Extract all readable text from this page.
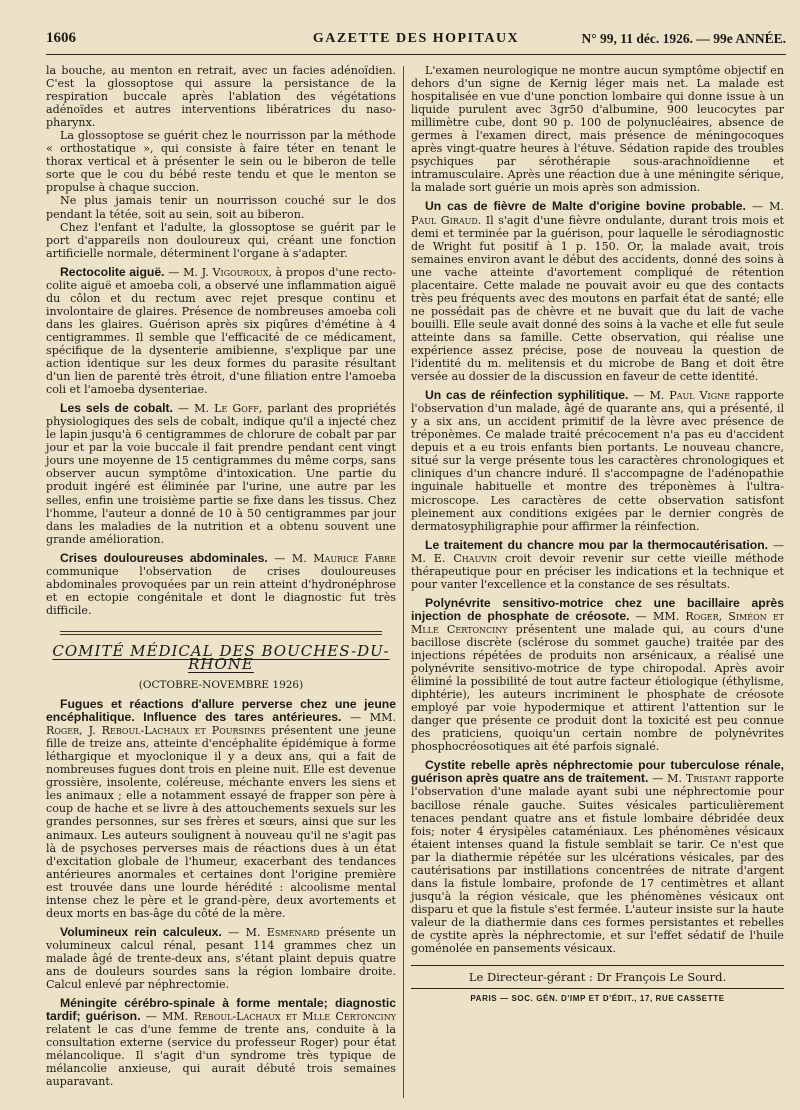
1606	GAZETTE DES HOPITAUX	N° 99, 11 déc. 1926. — 99e ANNÉE.

la bouche, au menton en retrait, avec un facies adénoïdien. C'est la glossoptose qui assure la persistance de la respiration buccale après l'ablation des végétations adénoïdes et autres interventions libératrices du naso-pharynx.

La glossoptose se guérit chez le nourrisson par la méthode « orthostatique », qui consiste à faire téter en tenant le thorax vertical et à présenter le sein ou le biberon de telle sorte que le cou du bébé reste tendu et que le menton se propulse à chaque succion.

Ne plus jamais tenir un nourrisson couché sur le dos pendant la tétée, soit au sein, soit au biberon.

Chez l'enfant et l'adulte, la glossoptose se guérit par le port d'appareils non douloureux qui, créant une fonction artificielle normale, déterminent l'organe à s'adapter.

Rectocolite aiguë. — M. J. Vigouroux, à propos d'une recto-colite aiguë et amoeba coli, a observé une inflammation aiguë du côlon et du rectum avec rejet presque continu et involontaire de glaires. Présence de nombreuses amoeba coli dans les glaires. Guérison après six piqûres d'émétine à 4 centigrammes. Il semble que l'efficacité de ce médicament, spécifique de la dysenterie amibienne, s'explique par une action identique sur les deux formes du parasite résultant d'un lien de parenté très étroit, d'une filiation entre l'amoeba coli et l'amoeba dysenteriae.

Les sels de cobalt. — M. Le Goff, parlant des propriétés physiologiques des sels de cobalt, indique qu'il a injecté chez le lapin jusqu'à 6 centigrammes de chlorure de cobalt par par jour et par la voie buccale il fait prendre pendant cent vingt jours une moyenne de 15 centigrammes du même corps, sans observer aucun symptôme d'intoxication. Une partie du produit ingéré est éliminée par l'urine, une autre par les selles, enfin une troisième partie se fixe dans les tissus. Chez l'homme, l'auteur a donné de 10 à 50 centigrammes par jour dans les maladies de la nutrition et a obtenu souvent une grande amélioration.

Crises douloureuses abdominales. — M. Maurice Fabre communique l'observation de crises douloureuses abdominales provoquées par un rein atteint d'hydronéphrose et en ectopie congénitale et dont le diagnostic fut très difficile.

COMITÉ MÉDICAL DES BOUCHES-DU-RHONE
(OCTOBRE-NOVEMBRE 1926)

Fugues et réactions d'allure perverse chez une jeune encéphalitique. Influence des tares antérieures. — MM. Roger, J. Reboul-Lachaux et Poursines présentent une jeune fille de treize ans, atteinte d'encéphalite épidémique à forme léthargique et myoclonique il y a deux ans, qui a fait de nombreuses fugues dont trois en pleine nuit. Elle est devenue grossière, insolente, coléreuse, méchante envers les siens et les animaux ; elle a notamment essayé de frapper son père à coup de hache et se livre à des attouchements sexuels sur les grandes personnes, sur ses frères et sœurs, ainsi que sur les animaux. Les auteurs soulignent à nouveau qu'il ne s'agit pas là de psychoses perverses mais de réactions dues à un état d'excitation globale de l'humeur, exacerbant des tendances antérieures anormales et certaines dont l'origine première est trouvée dans une lourde hérédité : alcoolisme mental intense chez le père et le grand-père, deux avortements et deux morts en bas-âge du côté de la mère.

Volumineux rein calculeux. — M. Esmenard présente un volumineux calcul rénal, pesant 114 grammes chez un malade âgé de trente-deux ans, s'étant plaint depuis quatre ans de douleurs sourdes sans la région lombaire droite. Calcul enlevé par néphrectomie.

Méningite cérébro-spinale à forme mentale; diagnostic tardif; guérison. — MM. Reboul-Lachaux et Mlle Certonciny relatent le cas d'une femme de trente ans, conduite à la consultation externe (service du professeur Roger) pour état mélancolique. Il s'agit d'un syndrome très typique de mélancolie anxieuse, qui aurait débuté trois semaines auparavant.

L'examen neurologique ne montre aucun symptôme objectif en dehors d'un signe de Kernig léger mais net. La malade est hospitalisée en vue d'une ponction lombaire qui donne issue à un liquide purulent avec 3gr50 d'albumine, 900 leucocytes par millimètre cube, dont 90 p. 100 de polynucléaires, absence de germes à l'examen direct, mais présence de méningocoques après vingt-quatre heures à l'étuve. Sédation rapide des troubles psychiques par sérothérapie sous-arachnoïdienne et intramusculaire. Après une réaction due à une méningite sérique, la malade sort guérie un mois après son admission.

Un cas de fièvre de Malte d'origine bovine probable. — M. Paul Giraud. Il s'agit d'une fièvre ondulante, durant trois mois et demi et terminée par la guérison, pour laquelle le sérodiagnostic de Wright fut positif à 1 p. 150. Or, la malade avait, trois semaines environ avant le début des accidents, donné des soins à une vache atteinte d'avortement compliqué de rétention placentaire. Cette malade ne pouvait avoir eu que des contacts très peu fréquents avec des moutons en parfait état de santé; elle ne possédait pas de chèvre et ne buvait que du lait de vache bouilli. Elle seule avait donné des soins à la vache et elle fut seule atteinte dans sa famille. Cette observation, qui réalise une expérience assez précise, pose de nouveau la question de l'identité du m. melitensis et du microbe de Bang et doit être versée au dossier de la discussion en faveur de cette identité.

Un cas de réinfection syphilitique. — M. Paul Vigne rapporte l'observation d'un malade, âgé de quarante ans, qui a présenté, il y a six ans, un accident primitif de la lèvre avec présence de tréponèmes. Ce malade traité précocement n'a pas eu d'accident depuis et a eu trois enfants bien portants. Le nouveau chancre, situé sur la verge présente tous les caractères chronologiques et cliniques d'un chancre induré. Il s'accompagne de l'adénopathie inguinale habituelle et montre des tréponèmes à l'ultra-microscope. Les caractères de cette observation satisfont pleinement aux conditions exigées par le dernier congrès de dermatosyphiligraphie pour affirmer la réinfection.

Le traitement du chancre mou par la thermocautérisation. — M. E. Chauvin croit devoir revenir sur cette vieille méthode thérapeutique pour en préciser les indications et la technique et pour vanter l'excellence et la constance de ses résultats.

Polynévrite sensitivo-motrice chez une bacillaire après injection de phosphate de créosote. — MM. Roger, Siméon et Mlle Certonciny présentent une malade qui, au cours d'une bacillose discrète (sclérose du sommet gauche) traitée par des injections répétées de produits non arsénicaux, a réalisé une polynévrite sensitivo-motrice de type chiropodal. Après avoir éliminé la possibilité de tout autre facteur étiologique (éthylisme, diphtérie), les auteurs incriminent le phosphate de créosote employé par voie hypodermique et attirent l'attention sur le danger que présente ce produit dont la toxicité est peu connue des praticiens, quoiqu'un certain nombre de polynévrites phosphocréosotiques ait été parfois signalé.

Cystite rebelle après néphrectomie pour tuberculose rénale, guérison après quatre ans de traitement. — M. Tristant rapporte l'observation d'une malade ayant subi une néphrectomie pour bacillose rénale gauche. Suites vésicales particulièrement tenaces pendant quatre ans et fistule lombaire débridée deux fois; noter 4 érysipèles cataméniaux. Les phénomènes vésicaux étaient intenses quand la fistule semblait se tarir. Ce n'est que par la diathermie répétée sur les ulcérations vésicales, par des cautérisations par instillations concentrées de nitrate d'argent dans la fistule lombaire, profonde de 17 centimètres et allant jusqu'à la région vésicale, que les phénomènes vésicaux ont disparu et que la fistule s'est fermée. L'auteur insiste sur la haute valeur de la diathermie dans ces formes persistantes et rebelles de cystite après la néphrectomie, et sur l'effet sédatif de l'huile goménolée en pansements vésicaux.

Le Directeur-gérant : Dr François Le Sourd.
PARIS — SOC. GÉN. D'IMP ET D'ÉDIT., 17, RUE CASSETTE
